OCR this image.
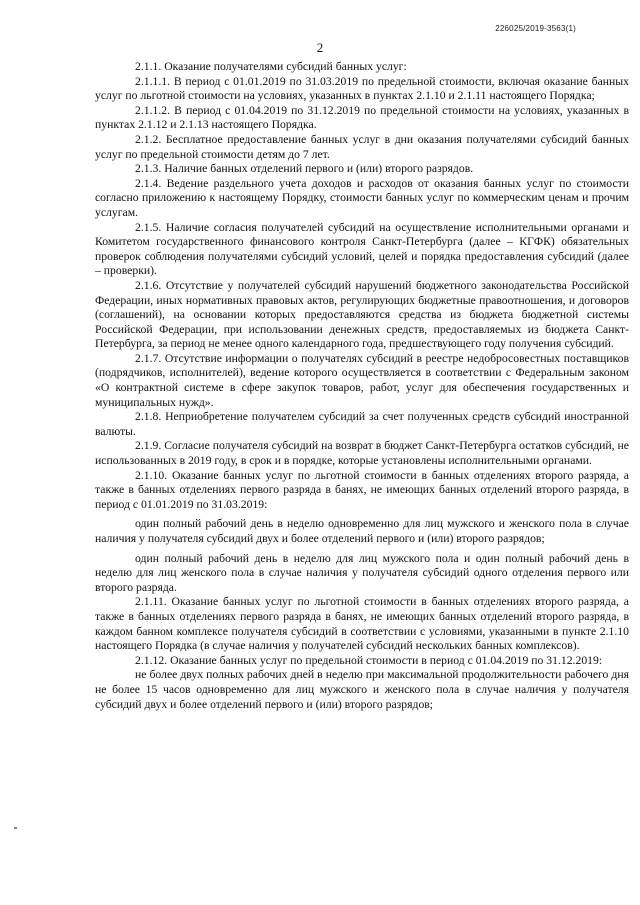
226025/2019-3563(1)
2

2.1.1. Оказание получателями субсидий банных услуг:

2.1.1.1. В период с 01.01.2019 по 31.03.2019 по предельной стоимости, включая оказание банных услуг по льготной стоимости на условиях, указанных в пунктах 2.1.10 и 2.1.11 настоящего Порядка;

2.1.1.2. В период с 01.04.2019 по 31.12.2019 по предельной стоимости на условиях, указанных в пунктах 2.1.12 и 2.1.13 настоящего Порядка.

2.1.2. Бесплатное предоставление банных услуг в дни оказания получателями субсидий банных услуг по предельной стоимости детям до 7 лет.

2.1.3. Наличие банных отделений первого и (или) второго разрядов.

2.1.4. Ведение раздельного учета доходов и расходов от оказания банных услуг по стоимости согласно приложению к настоящему Порядку, стоимости банных услуг по коммерческим ценам и прочим услугам.

2.1.5. Наличие согласия получателей субсидий на осуществление исполнительными органами и Комитетом государственного финансового контроля Санкт-Петербурга (далее – КГФК) обязательных проверок соблюдения получателями субсидий условий, целей и порядка предоставления субсидий (далее – проверки).

2.1.6. Отсутствие у получателей субсидий нарушений бюджетного законодательства Российской Федерации, иных нормативных правовых актов, регулирующих бюджетные правоотношения, и договоров (соглашений), на основании которых предоставляются средства из бюджета бюджетной системы Российской Федерации, при использовании денежных средств, предоставляемых из бюджета Санкт-Петербурга, за период не менее одного календарного года, предшествующего году получения субсидий.

2.1.7. Отсутствие информации о получателях субсидий в реестре недобросовестных поставщиков (подрядчиков, исполнителей), ведение которого осуществляется в соответствии с Федеральным законом «О контрактной системе в сфере закупок товаров, работ, услуг для обеспечения государственных и муниципальных нужд».

2.1.8. Неприобретение получателем субсидий за счет полученных средств субсидий иностранной валюты.

2.1.9. Согласие получателя субсидий на возврат в бюджет Санкт-Петербурга остатков субсидий, не использованных в 2019 году, в срок и в порядке, которые установлены исполнительными органами.

2.1.10. Оказание банных услуг по льготной стоимости в банных отделениях второго разряда, а также в банных отделениях первого разряда в банях, не имеющих банных отделений второго разряда, в период с 01.01.2019 по 31.03.2019:

один полный рабочий день в неделю одновременно для лиц мужского и женского пола в случае наличия у получателя субсидий двух и более отделений первого и (или) второго разрядов;

один полный рабочий день в неделю для лиц мужского пола и один полный рабочий день в неделю для лиц женского пола в случае наличия у получателя субсидий одного отделения первого или второго разряда.

2.1.11. Оказание банных услуг по льготной стоимости в банных отделениях второго разряда, а также в банных отделениях первого разряда в банях, не имеющих банных отделений второго разряда, в каждом банном комплексе получателя субсидий в соответствии с условиями, указанными в пункте 2.1.10 настоящего Порядка (в случае наличия у получателей субсидий нескольких банных комплексов).

2.1.12. Оказание банных услуг по предельной стоимости в период с 01.04.2019 по 31.12.2019:

не более двух полных рабочих дней в неделю при максимальной продолжительности рабочего дня не более 15 часов одновременно для лиц мужского и женского пола в случае наличия у получателя субсидий двух и более отделений первого и (или) второго разрядов;
